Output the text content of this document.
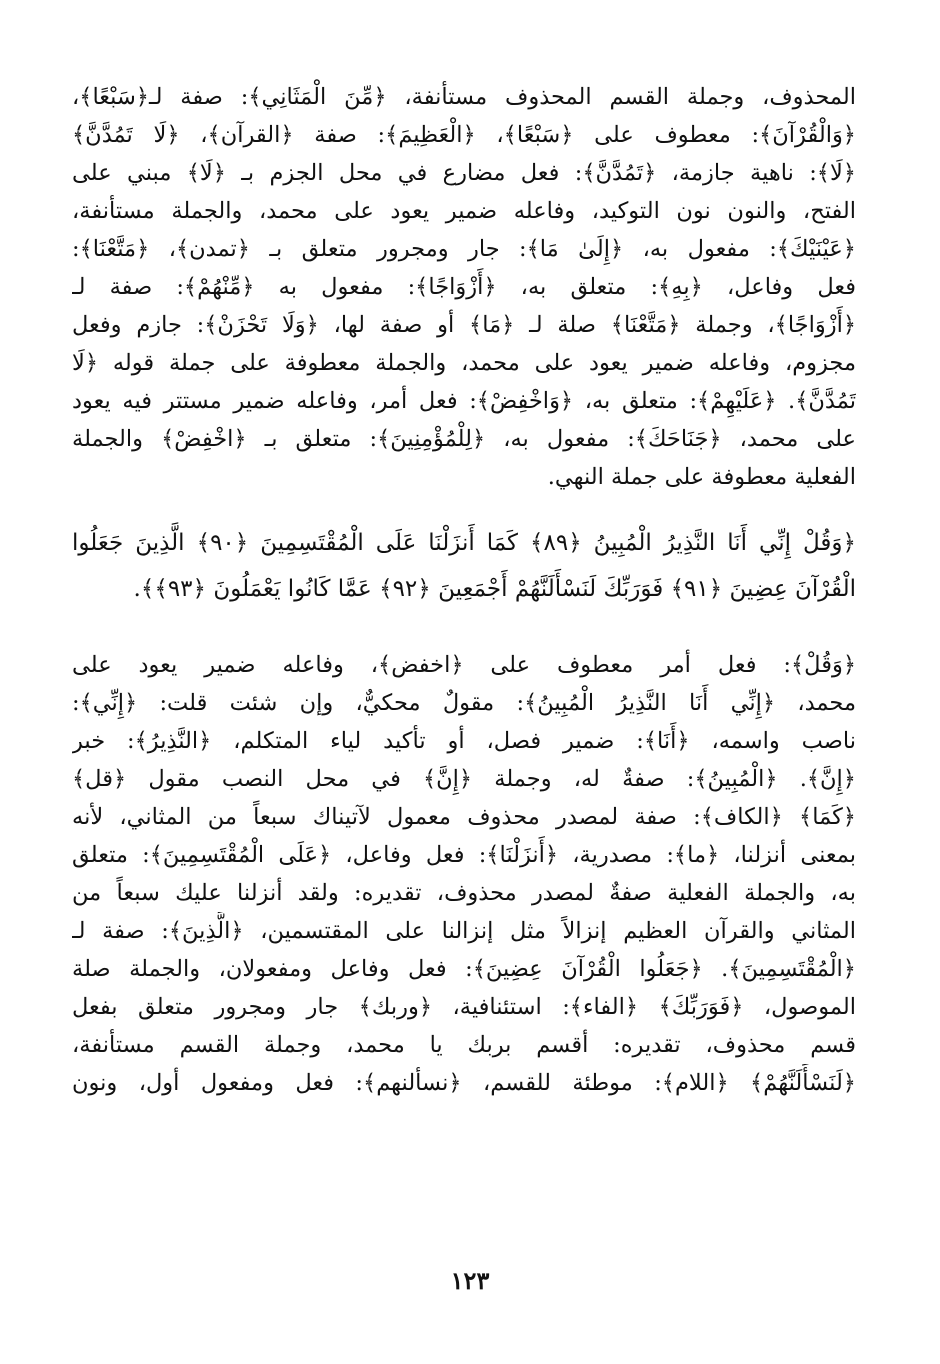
المحذوف، وجملة القسم المحذوف مستأنفة، ﴿مِّنَ الْمَثَانِي﴾: صفة لـ﴿سَبْعًا﴾،
﴿وَالْقُرْآنَ﴾: معطوف على ﴿سَبْعًا﴾، ﴿الْعَظِيمَ﴾: صفة ﴿القرآن﴾، ﴿لَا تَمُدَّنَّ﴾
﴿لَا﴾: ناهية جازمة، ﴿تَمُدَّنَّ﴾: فعل مضارع في محل الجزم بـ ﴿لَا﴾ مبني على
الفتح، والنون نون التوكيد، وفاعله ضمير يعود على محمد، والجملة مستأنفة،
﴿عَيْنَيْكَ﴾: مفعول به، ﴿إِلَىٰ مَا﴾: جار ومجرور متعلق بـ ﴿تمدن﴾، ﴿مَتَّعْنَا﴾:
فعل وفاعل، ﴿بِهِ﴾: متعلق به، ﴿أَزْوَاجًا﴾: مفعول به ﴿مِّنْهُمْ﴾: صفة لـ
﴿أَزْوَاجًا﴾، وجملة ﴿مَتَّعْنَا﴾ صلة لـ ﴿مَا﴾ أو صفة لها، ﴿وَلَا تَحْزَنْ﴾: جازم وفعل
مجزوم، وفاعله ضمير يعود على محمد، والجملة معطوفة على جملة قوله ﴿لَا
تَمُدَّنَّ﴾. ﴿عَلَيْهِمْ﴾: متعلق به، ﴿وَاخْفِضْ﴾: فعل أمر، وفاعله ضمير مستتر فيه يعود
على محمد، ﴿جَنَاحَكَ﴾: مفعول به، ﴿لِلْمُؤْمِنِينَ﴾: متعلق بـ ﴿اخْفِضْ﴾ والجملة
الفعلية معطوفة على جملة النهي.
﴿وَقُلْ إِنِّي أَنَا النَّذِيرُ الْمُبِينُ ﴿٨٩﴾ كَمَا أَنزَلْنَا عَلَى الْمُقْتَسِمِينَ ﴿٩٠﴾ الَّذِينَ جَعَلُوا
الْقُرْآنَ عِضِينَ ﴿٩١﴾ فَوَرَبِّكَ لَنَسْأَلَنَّهُمْ أَجْمَعِينَ ﴿٩٢﴾ عَمَّا كَانُوا يَعْمَلُونَ ﴿٩٣﴾﴾.
﴿وَقُلْ﴾: فعل أمر معطوف على ﴿اخفض﴾، وفاعله ضمير يعود على
محمد، ﴿إِنِّي أَنَا النَّذِيرُ الْمُبِينُ﴾: مقولٌ محكيٌّ، وإن شئت قلت: ﴿إِنِّي﴾:
ناصب واسمه، ﴿أَنَا﴾: ضمير فصل، أو تأكيد لياء المتكلم، ﴿النَّذِيرُ﴾: خبر
﴿إِنَّ﴾. ﴿الْمُبِينُ﴾: صفةٌ له، وجملة ﴿إِنَّ﴾ في محل النصب مقول ﴿قل﴾
﴿كَمَا﴾ ﴿الكاف﴾: صفة لمصدر محذوف معمول لآتيناك سبعاً من المثاني، لأنه
بمعنى أنزلنا، ﴿ما﴾: مصدرية، ﴿أَنزَلْنَا﴾: فعل وفاعل، ﴿عَلَى الْمُقْتَسِمِينَ﴾: متعلق
به، والجملة الفعلية صفةٌ لمصدر محذوف، تقديره: ولقد أنزلنا عليك سبعاً من
المثاني والقرآن العظيم إنزالاً مثل إنزالنا على المقتسمين، ﴿الَّذِينَ﴾: صفة لـ
﴿الْمُقْتَسِمِينَ﴾. ﴿جَعَلُوا الْقُرْآنَ عِضِينَ﴾: فعل وفاعل ومفعولان، والجملة صلة
الموصول، ﴿فَوَرَبِّكَ﴾ ﴿الفاء﴾: استئنافية، ﴿وربك﴾ جار ومجرور متعلق بفعل
قسم محذوف، تقديره: أقسم بربك يا محمد، وجملة القسم مستأنفة،
﴿لَنَسْأَلَنَّهُمْ﴾ ﴿اللام﴾: موطئة للقسم، ﴿نسألنهم﴾: فعل ومفعول أول، ونون
١٢٣
